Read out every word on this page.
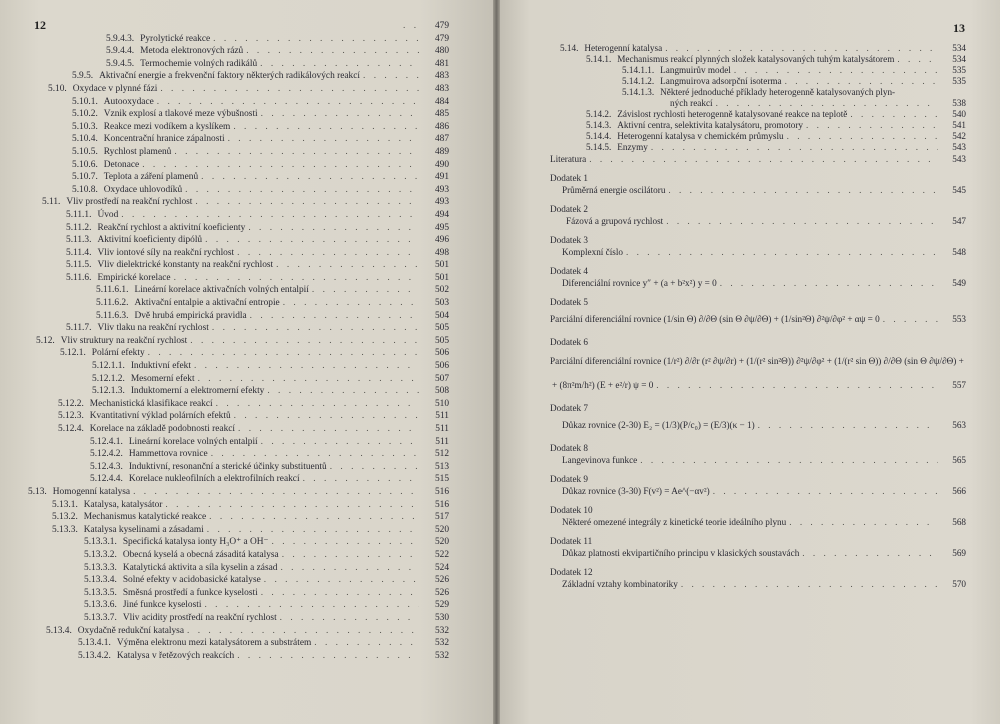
12 . . .	479
5.9.4.3. Pyrolytické reakce . . .	479
5.9.4.4. Metoda elektronových rázů . . .	480
5.9.4.5. Termochemie volných radikálů . . .	481
5.9.5. Aktivační energie a frekvenční faktory některých radikálových reakcí . . .	483
5.10. Oxydace v plynné fázi . . .	483
5.10.1. Autooxydace . . .	484
5.10.2. Vznik explosí a tlakové meze výbušnosti . . .	485
5.10.3. Reakce mezi vodíkem a kyslíkem . . .	486
5.10.4. Koncentrační hranice zápalnosti . . .	487
5.10.5. Rychlost plamenů . . .	489
5.10.6. Detonace . . .	490
5.10.7. Teplota a záření plamenů . . .	491
5.10.8. Oxydace uhlovodíků . . .	493
5.11. Vliv prostředí na reakční rychlost . . .	493
5.11.1. Úvod . . .	494
5.11.2. Reakční rychlost a aktivitní koeficienty . . .	495
5.11.3. Aktivitní koeficienty dipólů . . .	496
5.11.4. Vliv iontové síly na reakční rychlost . . .	498
5.11.5. Vliv dielektrické konstanty na reakční rychlost . . .	501
5.11.6. Empirické korelace . . .	501
5.11.6.1. Lineární korelace aktivačních volných entalpií . . .	502
5.11.6.2. Aktivační entalpie a aktivační entropie . . .	503
5.11.6.3. Dvě hrubá empirická pravidla . . .	504
5.11.7. Vliv tlaku na reakční rychlost . . .	505
5.12. Vliv struktury na reakční rychlost . . .	505
5.12.1. Polární efekty . . .	506
5.12.1.1. Induktivní efekt . . .	506
5.12.1.2. Mesomerní efekt . . .	507
5.12.1.3. Induktomerní a elektromerní efekty . . .	508
5.12.2. Mechanistická klasifikace reakcí . . .	510
5.12.3. Kvantitativní výklad polárních efektů . . .	511
5.12.4. Korelace na základě podobnosti reakcí . . .	511
5.12.4.1. Lineární korelace volných entalpií . . .	511
5.12.4.2. Hammettova rovnice . . .	512
5.12.4.3. Induktivní, resonanční a sterické účinky substituentů . . .	513
5.12.4.4. Korelace nukleofilních a elektrofilních reakcí . . .	515
5.13. Homogenní katalysa . . .	516
5.13.1. Katalysa, katalysátor . . .	516
5.13.2. Mechanismus katalytické reakce . . .	517
5.13.3. Katalysa kyselinami a zásadami . . .	520
5.13.3.1. Specifická katalysa ionty H₃O⁺ a OH⁻ . . .	520
5.13.3.2. Obecná kyselá a obecná zásaditá katalysa . . .	522
5.13.3.3. Katalytická aktivita a síla kyselin a zásad . . .	524
5.13.3.4. Solné efekty v acidobasické katalyse . . .	526
5.13.3.5. Směsná prostředí a funkce kyselosti . . .	526
5.13.3.6. Jiné funkce kyselosti . . .	529
5.13.3.7. Vliv acidity prostředí na reakční rychlost . . .	530
5.13.4. Oxydačně redukční katalysa . . .	532
5.13.4.1. Výměna elektronu mezi katalysátorem a substrátem . . .	532
5.13.4.2. Katalysa v řetězových reakcích . . .	532
13
5.14. Heterogenní katalysa . . .	534
5.14.1. Mechanismus reakcí plynných složek katalysovaných tuhým katalysátorem . . .	534
5.14.1.1. Langmuirův model . . .	535
5.14.1.2. Langmuirova adsorpční isoterma . . .	535
5.14.1.3. Některé jednoduché příklady heterogenně katalysovaných plyn-
ných reakcí . . .	538
5.14.2. Závislost rychlosti heterogenně katalysované reakce na teplotě . . .	540
5.14.3. Aktivní centra, selektivita katalysátoru, promotory . . .	541
5.14.4. Heterogenní katalysa v chemickém průmyslu . . .	542
5.14.5. Enzymy . . .	543
Literatura . . .	543
Dodatek 1
Průměrná energie oscilátoru . . .	545
Dodatek 2
Fázová a grupová rychlost . . .	547
Dodatek 3
Komplexní číslo . . .	548
Dodatek 4
Diferenciální rovnice y″ + (a + b²x²) y = 0 . . .	549
Dodatek 5
Parciální diferenciální rovnice (1/sin Θ) ∂/∂Θ (sin Θ ∂ψ/∂Θ) + (1/sin²Θ) ∂²ψ/∂φ² + αψ = 0 . . .	553
Dodatek 6
Parciální diferenciální rovnice (1/r²) ∂/∂r (r² ∂ψ/∂r) + (1/(r² sin²Θ)) ∂²ψ/∂φ² + (1/(r² sin Θ)) ∂/∂Θ (sin Θ ∂ψ/∂Θ) +
+ (8π²m/h²) (E + e²/r) ψ = 0 . . .	557
Dodatek 7
Důkaz rovnice (2-30) E₂ = (1/3)(P/c₀) = (E/3)(κ − 1) . . .	563
Dodatek 8
Langevinova funkce . . .	565
Dodatek 9
Důkaz rovnice (3-30) F(v²) = Ae^(−αv²) . . .	566
Dodatek 10
Některé omezené integrály z kinetické teorie ideálního plynu . . .	568
Dodatek 11
Důkaz platnosti ekvipartičního principu v klasických soustavách . . .	569
Dodatek 12
Základní vztahy kombinatoriky . . .	570
